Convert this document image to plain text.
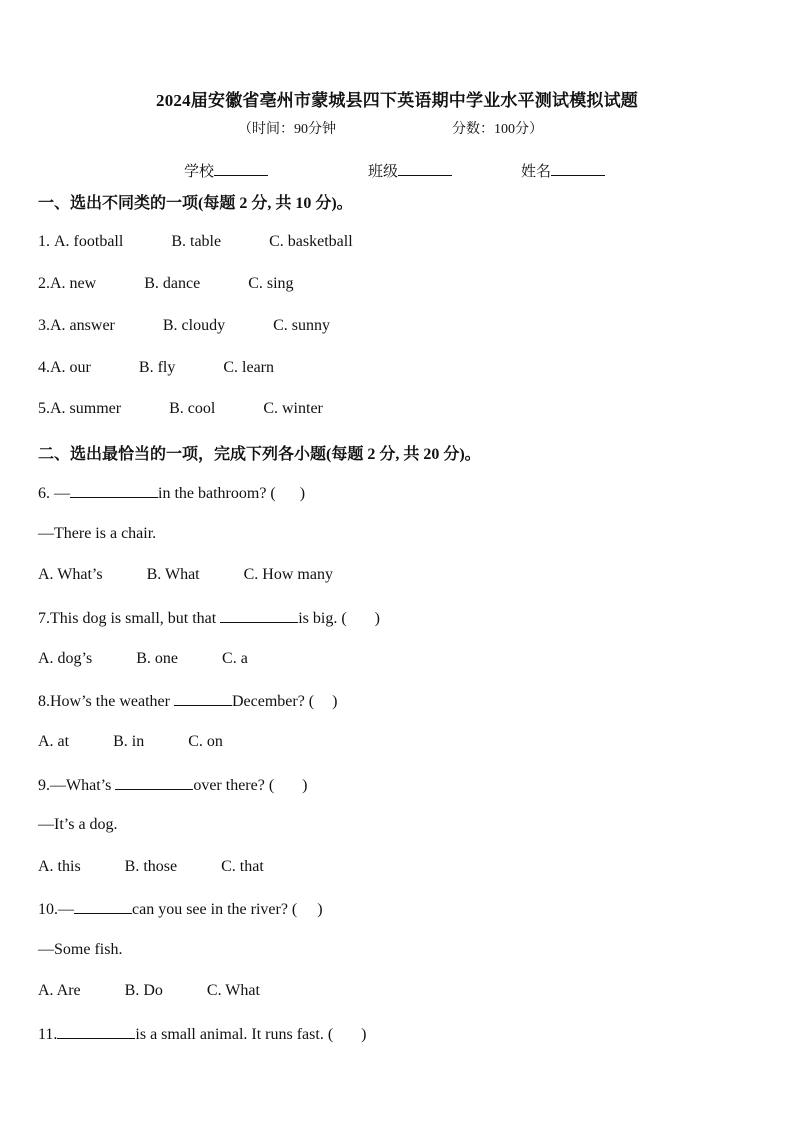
2024届安徽省亳州市蒙城县四下英语期中学业水平测试模拟试题
（时间：90分钟	分数：100分）
学校	班级	姓名
一、选出不同类的一项(每题 2 分, 共 10 分)。
1. A. football	B. table	C. basketball
2.A. new	B. dance	C. sing
3.A. answer	B. cloudy	C. sunny
4.A. our	B. fly	C. learn
5.A. summer	B. cool	C. winter
二、选出最恰当的一项，完成下列各小题(每题 2 分, 共 20 分)。
6. —	in the bathroom? ( )
—There is a chair.
A. What’s	B. What	C. How many
7.This dog is small, but that	is big. ( )
A. dog’s	B. one	C. a
8.How’s the weather	December? ( )
A. at	B. in	C. on
9.—What’s	over there? ( )
—It’s a dog.
A. this	B. those	C. that
10.—	can you see in the river? ( )
—Some fish.
A. Are	B. Do	C. What
11.	is a small animal. It runs fast. ( )
